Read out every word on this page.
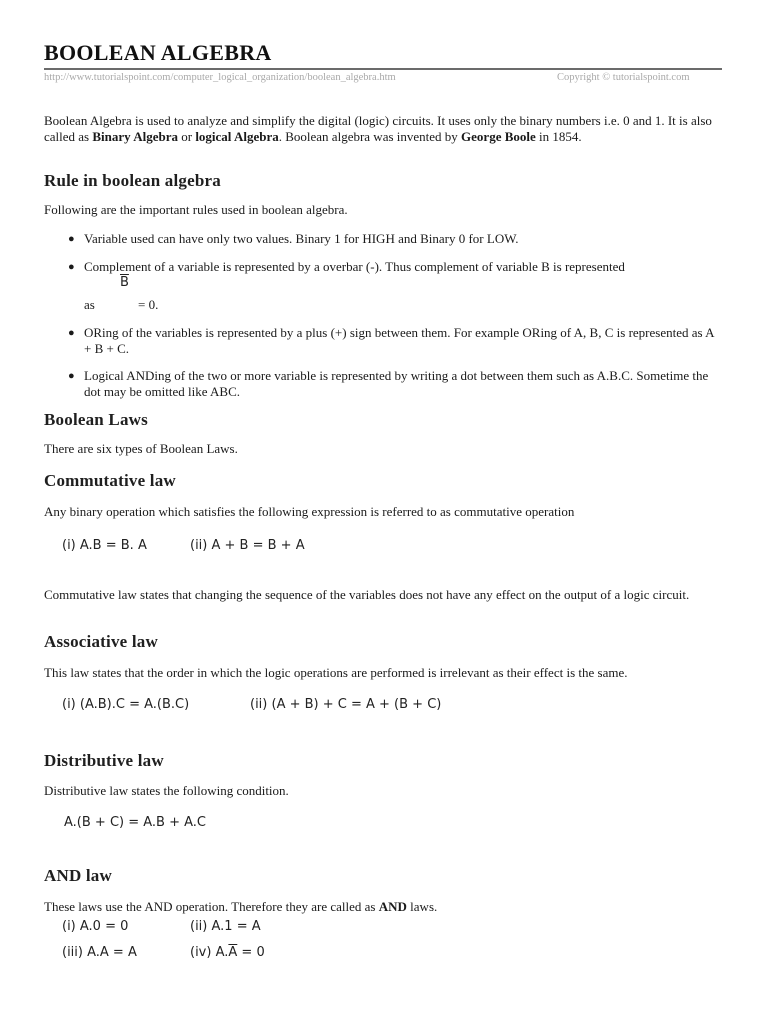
BOOLEAN ALGEBRA
http://www.tutorialspoint.com/computer_logical_organization/boolean_algebra.htm	Copyright © tutorialspoint.com
Boolean Algebra is used to analyze and simplify the digital (logic) circuits. It uses only the binary numbers i.e. 0 and 1. It is also called as Binary Algebra or logical Algebra. Boolean algebra was invented by George Boole in 1854.
Rule in boolean algebra
Following are the important rules used in boolean algebra.
● Variable used can have only two values. Binary 1 for HIGH and Binary 0 for LOW.
● Complement of a variable is represented by a overbar (-). Thus complement of variable B is represented
$\overline{B}$
as	= 0.
● ORing of the variables is represented by a plus (+) sign between them. For example ORing of A, B, C is represented as A + B + C.
● Logical ANDing of the two or more variable is represented by writing a dot between them such as A.B.C. Sometime the dot may be omitted like ABC.
Boolean Laws
There are six types of Boolean Laws.
Commutative law
Any binary operation which satisfies the following expression is referred to as commutative operation
(i) A.B = B. A	(ii) A + B = B + A
Commutative law states that changing the sequence of the variables does not have any effect on the output of a logic circuit.
Associative law
This law states that the order in which the logic operations are performed is irrelevant as their effect is the same.
(i) (A.B).C = A.(B.C)	(ii) (A + B) + C = A + (B + C)
Distributive law
Distributive law states the following condition.
A.(B + C) = A.B + A.C
AND law
These laws use the AND operation. Therefore they are called as AND laws.
(i) A.0 = 0	(ii) A.1 = A
(iii) A.A = A	(iv) $A.\overline{A} = 0$
